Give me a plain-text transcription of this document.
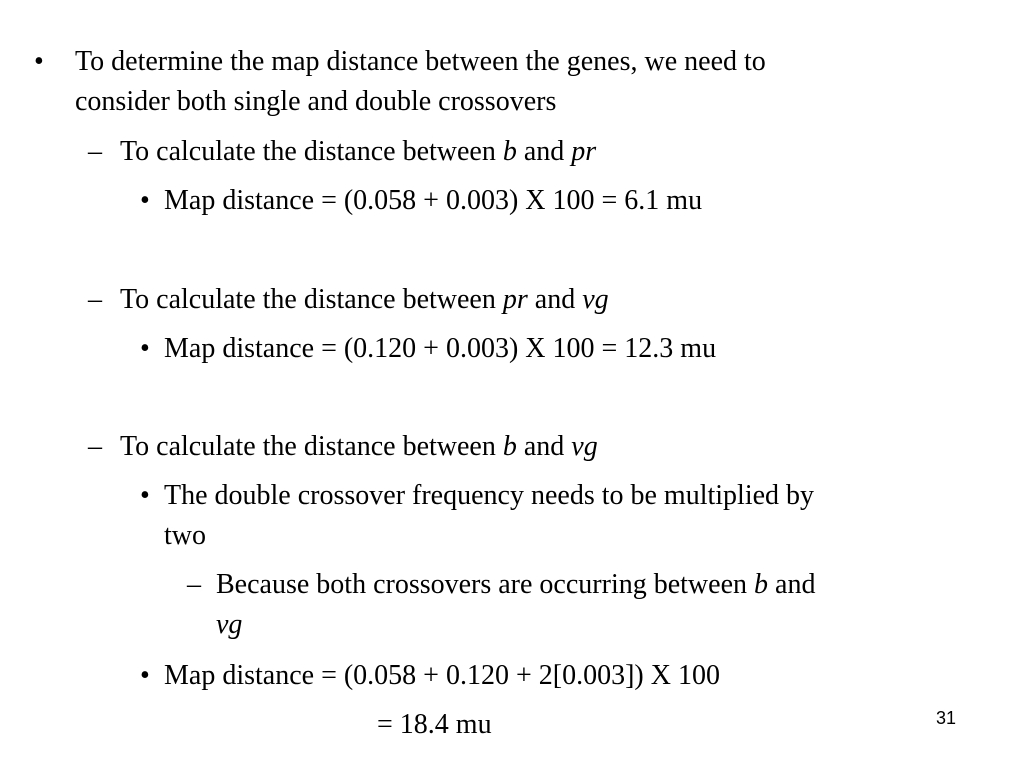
• To determine the map distance between the genes, we need to
consider both single and double crossovers
– To calculate the distance between b and pr
• Map distance = (0.058 + 0.003) X 100 = 6.1 mu
– To calculate the distance between pr and vg
• Map distance = (0.120 + 0.003) X 100 = 12.3 mu
– To calculate the distance between b and vg
• The double crossover frequency needs to be multiplied by
two
– Because both crossovers are occurring between b and
vg
• Map distance = (0.058 + 0.120 + 2[0.003]) X 100
= 18.4 mu	31
